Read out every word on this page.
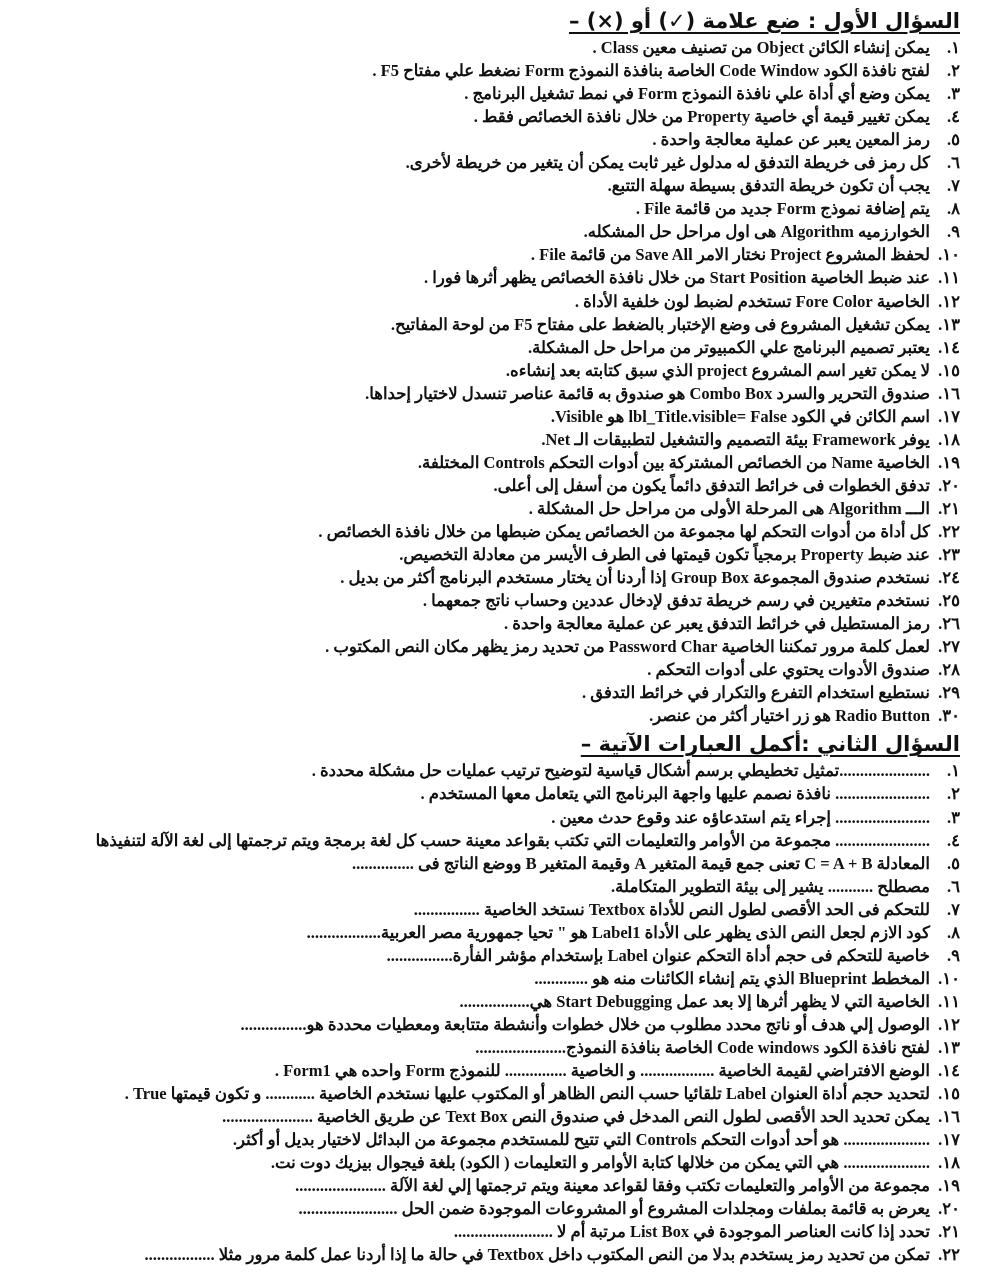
السؤال الأول : ضع علامة (✓) أو (×) –
١.
يمكن إنشاء الكائن Object من تصنيف معين Class .
٢.
لفتح نافذة الكود Code Window الخاصة بنافذة النموذج Form نضغط علي مفتاح F5 .
٣.
يمكن وضع أي أداة علي نافذة النموذج Form في نمط تشغيل البرنامج .
٤.
يمكن تغيير قيمة أي خاصية Property من خلال نافذة الخصائص فقط .
٥.
رمز المعين يعبر عن عملية معالجة واحدة .
٦.
كل رمز فى خريطة التدفق له مدلول غير ثابت يمكن أن يتغير من خريطة لأخرى.
٧.
يجب أن تكون خريطة التدفق بسيطة سهلة التتبع.
٨.
يتم إضافة نموذج Form جديد من قائمة File .
٩.
الخوارزميه Algorithm هى اول مراحل حل المشكله.
١٠.
لحفظ المشروع Project نختار الامر Save All من قائمة File .
١١.
عند ضبط الخاصية Start Position من خلال نافذة الخصائص يظهر أثرها فورا .
١٢.
الخاصية Fore Color تستخدم لضبط لون خلفية الأداة .
١٣.
يمكن تشغيل المشروع فى وضع الإختبار بالضغط على مفتاح F5 من لوحة المفاتيح.
١٤.
يعتبر تصميم البرنامج علي الكمبيوتر من مراحل حل المشكلة.
١٥.
لا يمكن تغير اسم المشروع project الذي سبق كتابته بعد إنشاءه.
١٦.
صندوق التحرير والسرد Combo Box هو صندوق به قائمة عناصر تنسدل لاختيار إحداها.
١٧.
اسم الكائن في الكود lbl_Title.visible= False هو Visible.
١٨.
يوفر Framework بيئة التصميم والتشغيل لتطبيقات الـ Net.
١٩.
الخاصية Name من الخصائص المشتركة بين أدوات التحكم Controls المختلفة.
٢٠.
تدفق الخطوات فى خرائط التدفق دائماً يكون من أسفل إلى أعلى.
٢١.
الـــ Algorithm هى المرحلة الأولى من مراحل حل المشكلة .
٢٢.
كل أداة من أدوات التحكم لها مجموعة من الخصائص يمكن ضبطها من خلال نافذة الخصائص .
٢٣.
عند ضبط Property برمجياً تكون قيمتها فى الطرف الأيسر من معادلة التخصيص.
٢٤.
نستخدم صندوق المجموعة Group Box إذا أردنا أن يختار مستخدم البرنامج أكثر من بديل .
٢٥.
نستخدم متغيرين في رسم خريطة تدفق لإدخال عددين وحساب ناتج جمعهما .
٢٦.
رمز المستطيل في خرائط التدفق يعبر عن عملية معالجة واحدة .
٢٧.
لعمل كلمة مرور تمكننا الخاصية Password Char من تحديد رمز يظهر مكان النص المكتوب .
٢٨.
صندوق الأدوات يحتوي على أدوات التحكم .
٢٩.
نستطيع استخدام التفرع والتكرار في خرائط التدفق .
٣٠.
Radio Button هو زر اختيار أكثر من عنصر.
السؤال الثاني :أكمل العبارات الآتية –
١.
......................تمثيل تخطيطي برسم أشكال قياسية لتوضيح ترتيب عمليات حل مشكلة محددة .
٢.
....................... نافذة نصمم عليها واجهة البرنامج التي يتعامل معها المستخدم .
٣.
....................... إجراء يتم استدعاؤه عند وقوع حدث معين .
٤.
....................... مجموعة من الأوامر والتعليمات التي تكتب بقواعد معينة حسب كل لغة برمجة ويتم ترجمتها إلى لغة الآلة لتنفيذها
٥.
المعادلة C = A + B تعنى جمع قيمة المتغير A وقيمة المتغير B ووضع الناتج فى ...............
٦.
مصطلح ........... يشير إلى بيئة التطوير المتكاملة.
٧.
للتحكم فى الحد الأقصى لطول النص للأداة Textbox نستخد الخاصية ................
٨.
كود الازم لجعل النص الذى يظهر على الأداة Label1 هو " تحيا جمهورية مصر العربية..................
٩.
خاصية للتحكم فى حجم أداة التحكم عنوان Label بإستخدام مؤشر الفأرة................
١٠.
المخطط Blueprint الذي يتم إنشاء الكائنات منه هو .............
١١.
الخاصية التي لا يظهر أثرها إلا بعد عمل Start Debugging هي.................
١٢.
الوصول إلي هدف أو ناتج محدد مطلوب من خلال خطوات وأنشطة متتابعة ومعطيات محددة هو................
١٣.
لفتح نافذة الكود Code windows الخاصة بنافذة النموذج......................
١٤.
الوضع الافتراضي لقيمة الخاصية .................. و الخاصية ............... للنموذج Form واحده هي Form1 .
١٥.
لتحديد حجم أداة العنوان Label تلقائيا حسب النص الظاهر أو المكتوب عليها نستخدم الخاصية ............ و تكون قيمتها True .
١٦.
يمكن تحديد الحد الأقصى لطول النص المدخل في صندوق النص Text Box عن طريق الخاصية ......................
١٧.
..................... هو أحد أدوات التحكم Controls التي تتيح للمستخدم مجموعة من البدائل لاختيار بديل أو أكثر.
١٨.
..................... هي التي يمكن من خلالها كتابة الأوامر و التعليمات ( الكود) بلغة فيجوال بيزيك دوت نت.
١٩.
مجموعة من الأوامر والتعليمات تكتب وفقا لقواعد معينة ويتم ترجمتها إلي لغة الآلة ......................
٢٠.
يعرض به قائمة بملفات ومجلدات المشروع أو المشروعات الموجودة ضمن الحل ........................
٢١.
تحدد إذا كانت العناصر الموجودة في List Box مرتبة أم لا ........................
٢٢.
تمكن من تحديد رمز يستخدم بدلا من النص المكتوب داخل Textbox في حالة ما إذا أردنا عمل كلمة مرور مثلا .................
